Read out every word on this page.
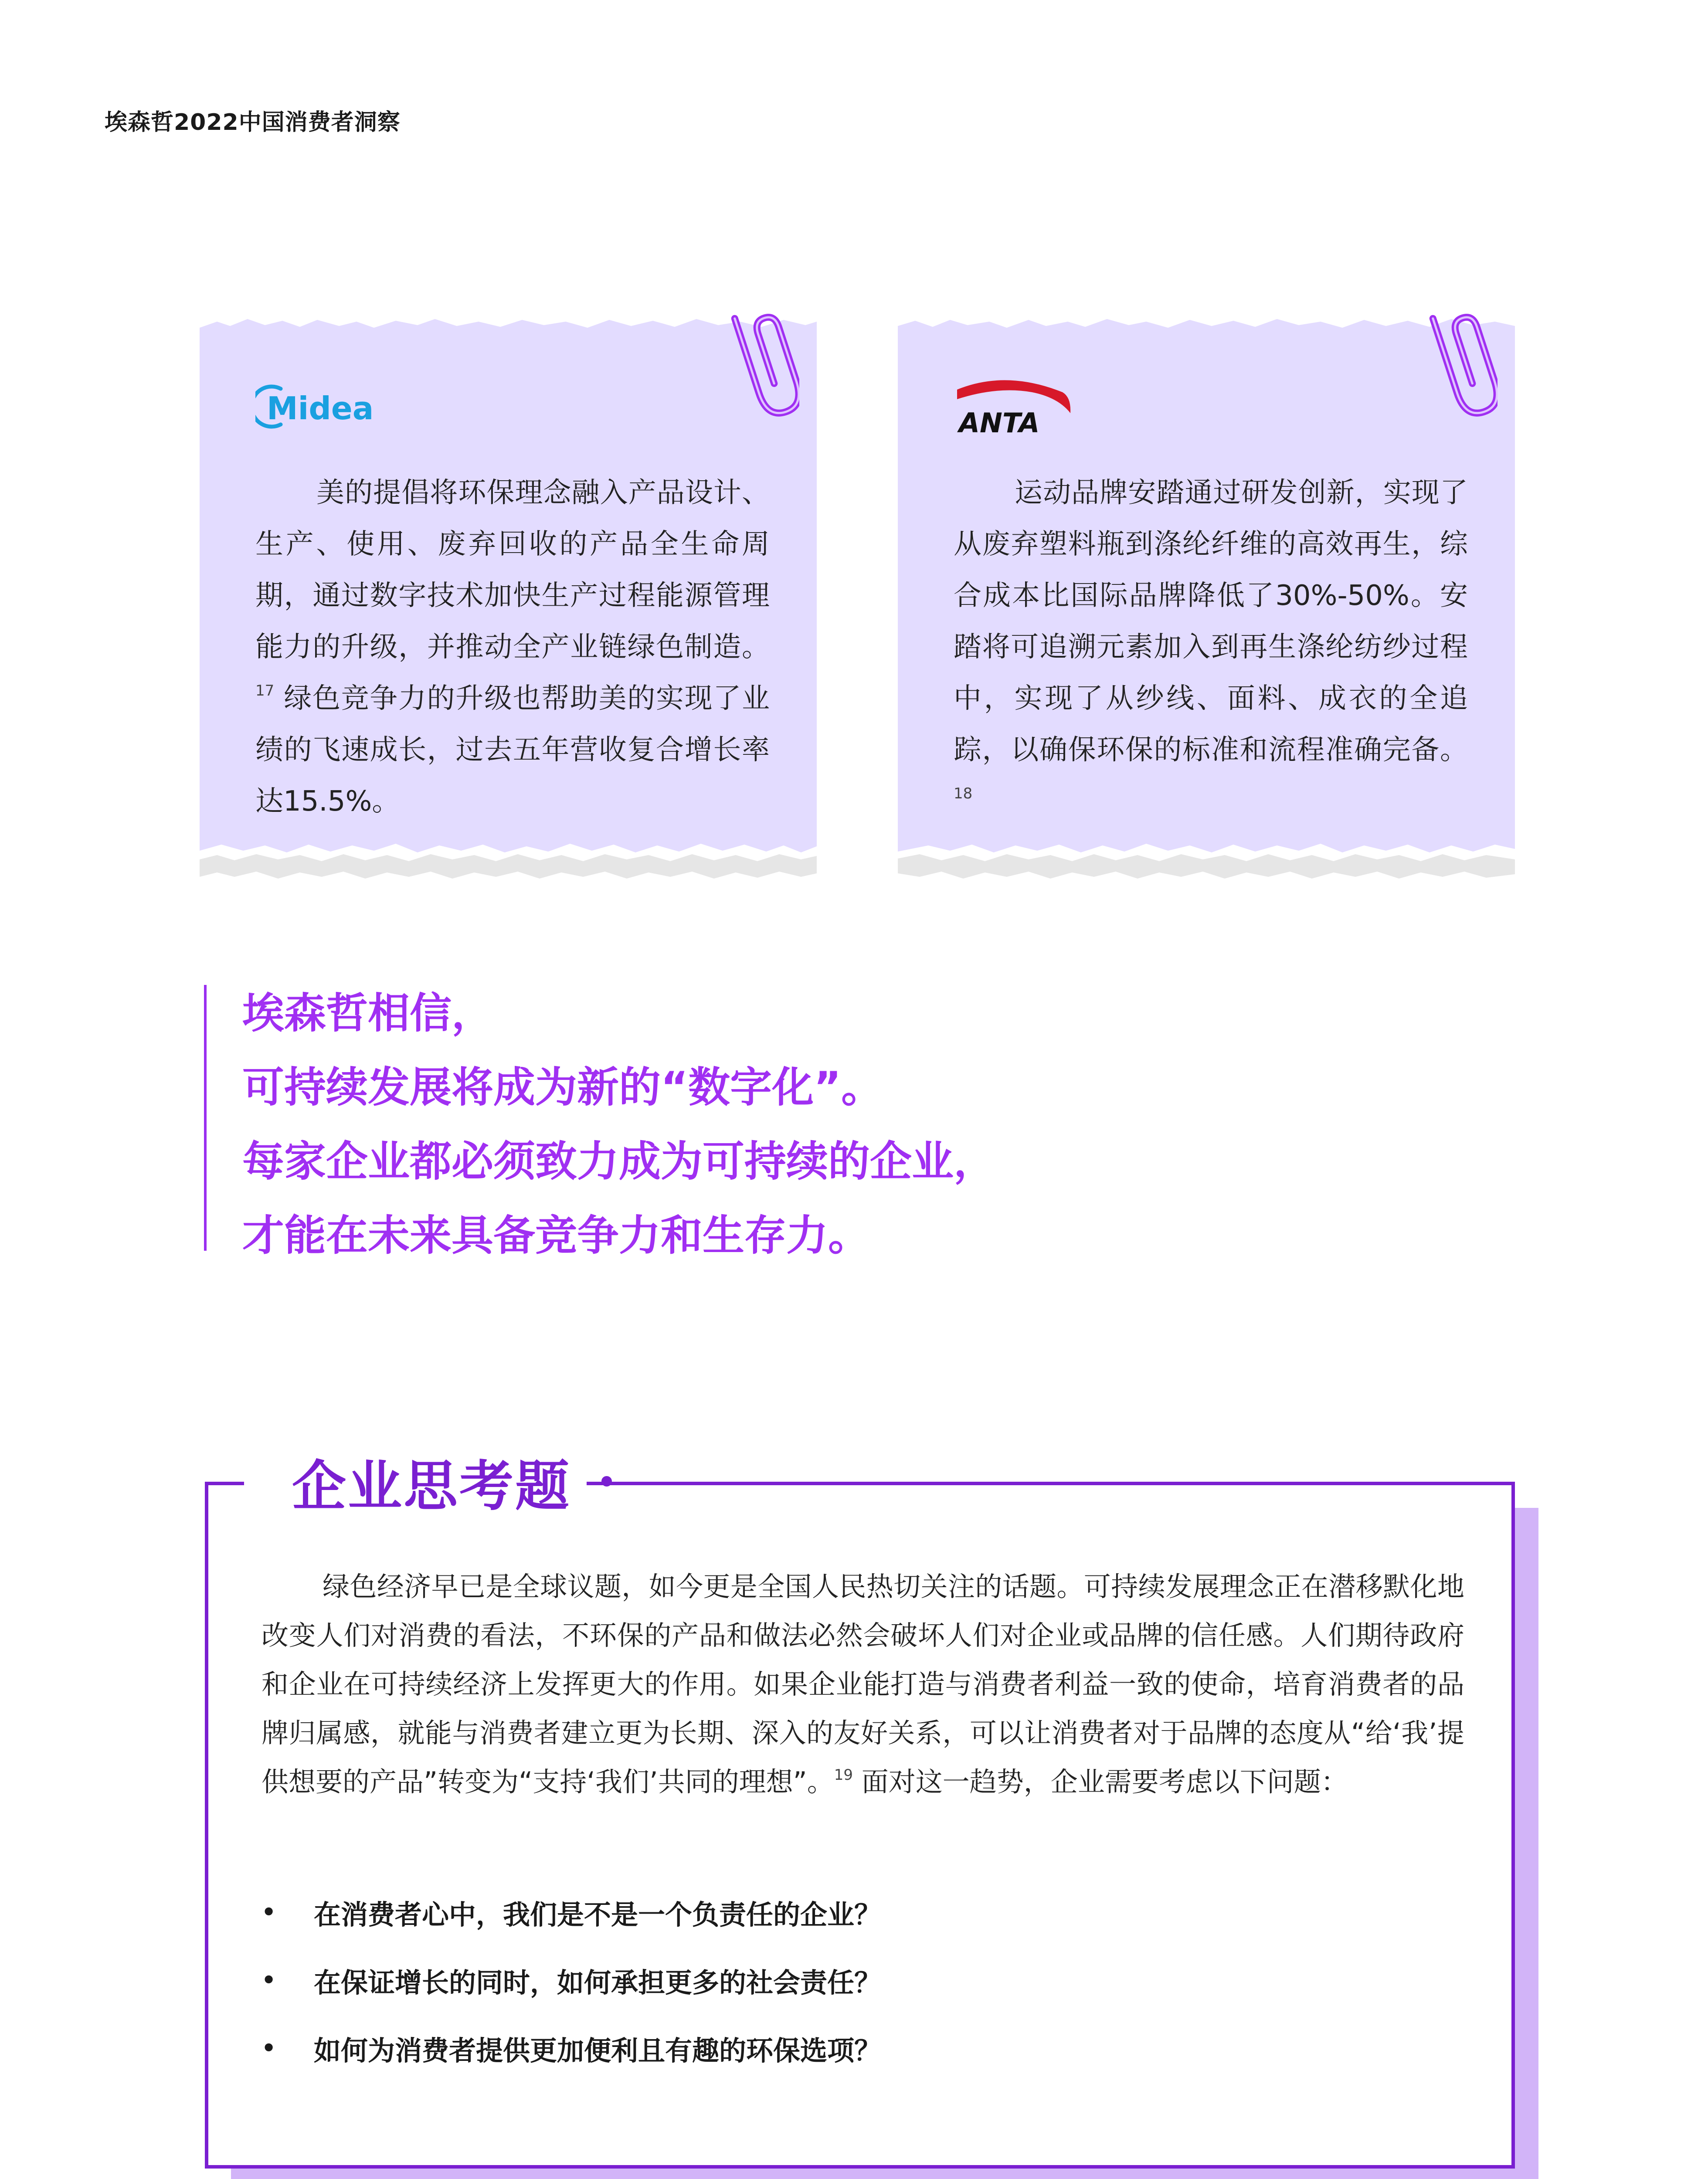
埃森哲2022中国消费者洞察
Midea
美的提倡将环保理念融入产品设计、生产、使用、废弃回收的产品全生命周期，通过数字技术加快生产过程能源管理能力的升级，并推动全产业链绿色制造。$^{17}$ 绿色竞争力的升级也帮助美的实现了业绩的飞速成长，过去五年营收复合增长率达15.5%。
ANTA
运动品牌安踏通过研发创新，实现了从废弃塑料瓶到涤纶纤维的高效再生，综合成本比国际品牌降低了30%-50%。安踏将可追溯元素加入到再生涤纶纺纱过程中，实现了从纱线、面料、成衣的全追踪，以确保环保的标准和流程准确完备。$^{18}$
埃森哲相信，
可持续发展将成为新的“数字化”。
每家企业都必须致力成为可持续的企业，
才能在未来具备竞争力和生存力。
企业思考题
绿色经济早已是全球议题，如今更是全国人民热切关注的话题。可持续发展理念正在潜移默化地改变人们对消费的看法，不环保的产品和做法必然会破坏人们对企业或品牌的信任感。人们期待政府和企业在可持续经济上发挥更大的作用。如果企业能打造与消费者利益一致的使命，培育消费者的品牌归属感，就能与消费者建立更为长期、深入的友好关系，可以让消费者对于品牌的态度从“给‘我’提供想要的产品”转变为“支持‘我们’共同的理想”。$^{19}$ 面对这一趋势，企业需要考虑以下问题：
•	在消费者心中，我们是不是一个负责任的企业？
•	在保证增长的同时，如何承担更多的社会责任？
•	如何为消费者提供更加便利且有趣的环保选项？
